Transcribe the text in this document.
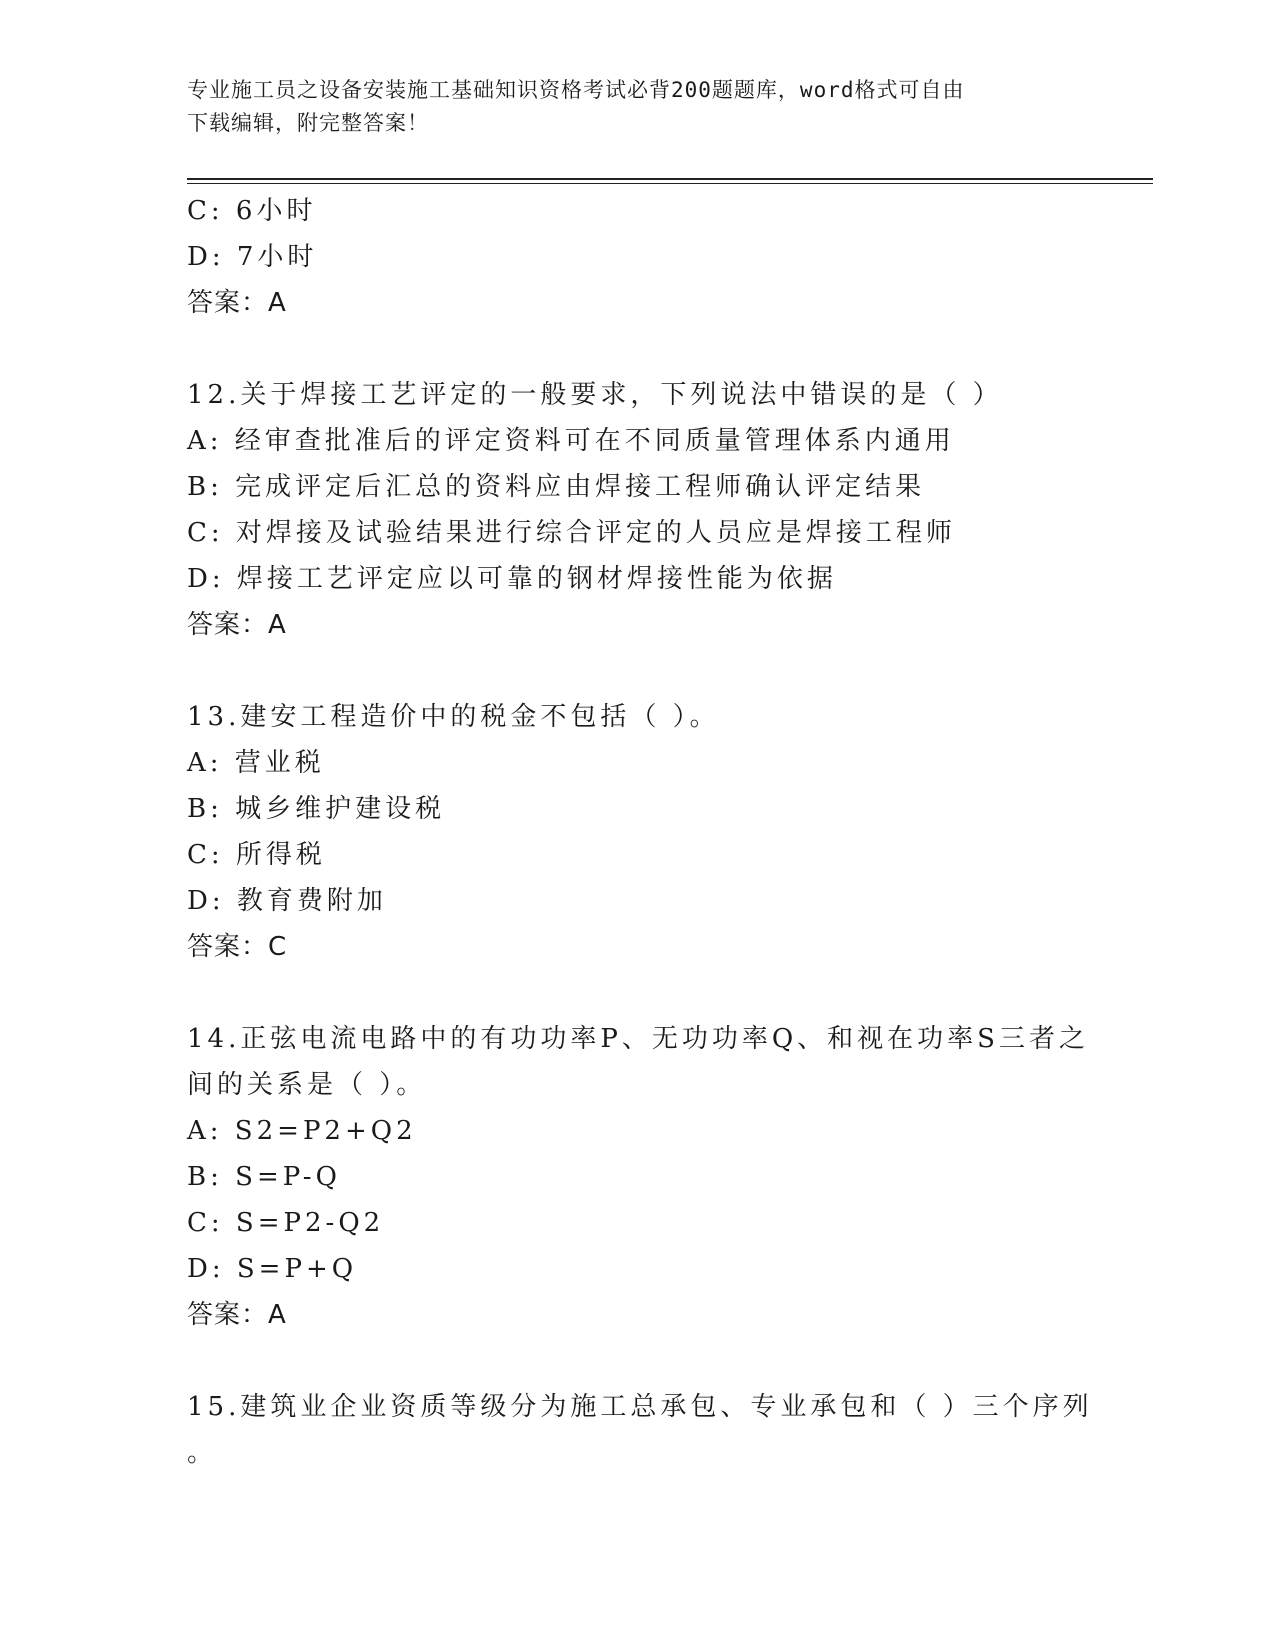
专业施工员之设备安装施工基础知识资格考试必背200题题库，word格式可自由
下载编辑，附完整答案！
C: 6小时
D: 7小时
答案：A
12.关于焊接工艺评定的一般要求，下列说法中错误的是（ ）
A: 经审查批准后的评定资料可在不同质量管理体系内通用
B: 完成评定后汇总的资料应由焊接工程师确认评定结果
C: 对焊接及试验结果进行综合评定的人员应是焊接工程师
D: 焊接工艺评定应以可靠的钢材焊接性能为依据
答案：A
13.建安工程造价中的税金不包括（ ）。
A: 营业税
B: 城乡维护建设税
C: 所得税
D: 教育费附加
答案：C
14.正弦电流电路中的有功功率P、无功功率Q、和视在功率S三者之
间的关系是（ ）。
A: S2=P2+Q2
B: S=P-Q
C: S=P2-Q2
D: S=P+Q
答案：A
15.建筑业企业资质等级分为施工总承包、专业承包和（ ）三个序列
。
